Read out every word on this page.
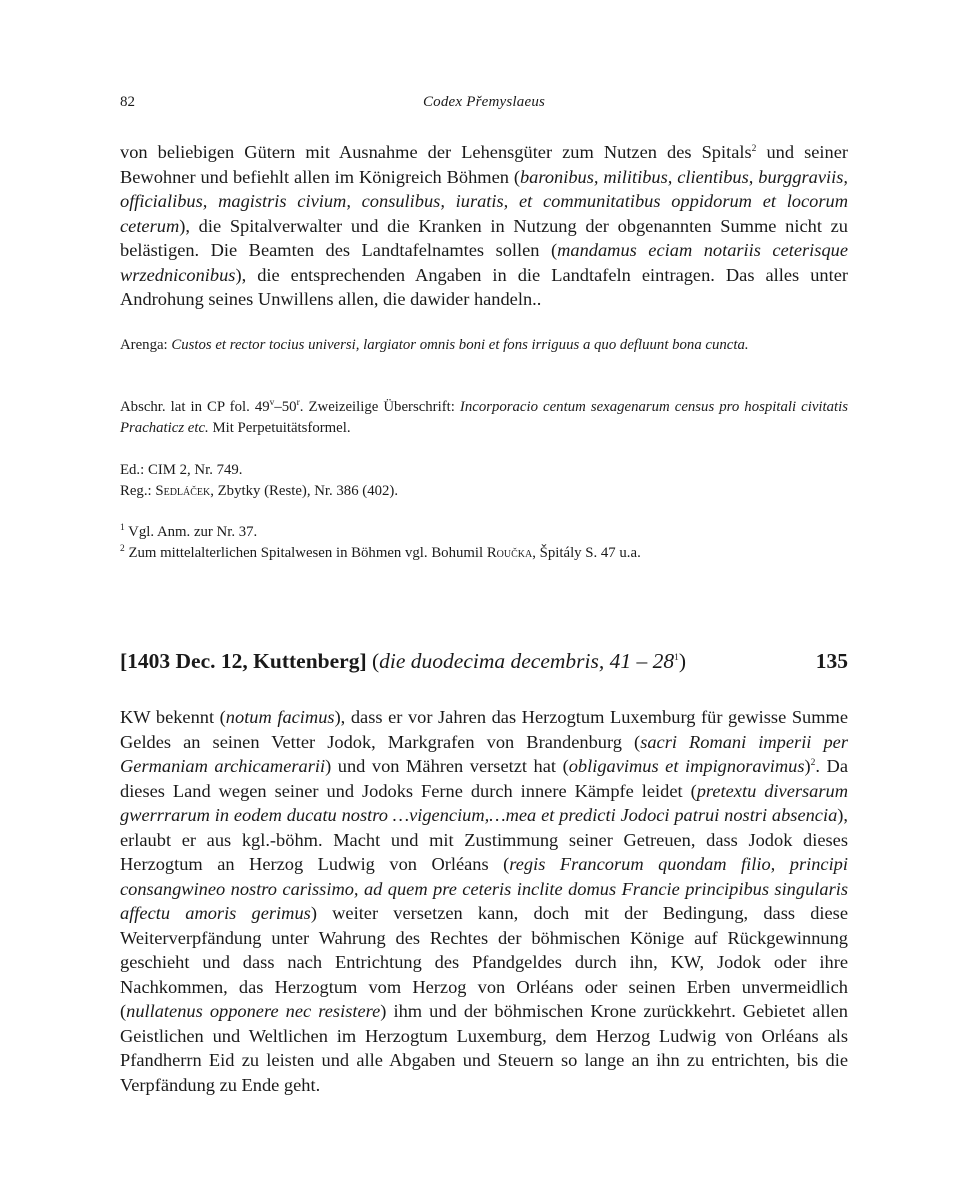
82	Codex Přemyslaeus
von beliebigen Gütern mit Ausnahme der Lehensgüter zum Nutzen des Spitals$^2$ und seiner Bewohner und befiehlt allen im Königreich Böhmen (baronibus, militibus, clientibus, burggraviis, officialibus, magistris civium, consulibus, iuratis, et communitatibus oppidorum et locorum ceterum), die Spitalverwalter und die Kranken in Nutzung der obgenannten Summe nicht zu belästigen. Die Beamten des Landtafelnamtes sollen (mandamus eciam notariis ceterisque wrzedniconibus), die entsprechenden Angaben in die Landtafeln eintragen. Das alles unter Androhung seines Unwillens allen, die dawider handeln..
Arenga: Custos et rector tocius universi, largiator omnis boni et fons irriguus a quo defluunt bona cuncta.
Abschr. lat in CP fol. 49$^v$–50$^r$. Zweizeilige Überschrift: Incorporacio centum sexagenarum census pro hospitali civitatis Prachaticz etc. Mit Perpetuitätsformel.
Ed.: CIM 2, Nr. 749.
Reg.: Sedláček, Zbytky (Reste), Nr. 386 (402).
$^1$ Vgl. Anm. zur Nr. 37.
$^2$ Zum mittelalterlichen Spitalwesen in Böhmen vgl. Bohumil Roučka, Špitály S. 47 u.a.
[1403 Dec. 12, Kuttenberg] (die duodecima decembris, $41 - 28^1$)	135
KW bekennt (notum facimus), dass er vor Jahren das Herzogtum Luxemburg für gewisse Summe Geldes an seinen Vetter Jodok, Markgrafen von Brandenburg (sacri Romani imperii per Germaniam archicamerarii) und von Mähren versetzt hat (obligavimus et impignoravimus)$^2$. Da dieses Land wegen seiner und Jodoks Ferne durch innere Kämpfe leidet (pretextu diversarum gwerrrarum in eodem ducatu nostro …vigencium,…mea et predicti Jodoci patrui nostri absencia), erlaubt er aus kgl.-böhm. Macht und mit Zustimmung seiner Getreuen, dass Jodok dieses Herzogtum an Herzog Ludwig von Orléans (regis Francorum quondam filio, principi consangwineo nostro carissimo, ad quem pre ceteris inclite domus Francie principibus singularis affectu amoris gerimus) weiter versetzen kann, doch mit der Bedingung, dass diese Weiterverpfändung unter Wahrung des Rechtes der böhmischen Könige auf Rückgewinnung geschieht und dass nach Entrichtung des Pfandgeldes durch ihn, KW, Jodok oder ihre Nachkommen, das Herzogtum vom Herzog von Orléans oder seinen Erben unvermeidlich (nullatenus opponere nec resistere) ihm und der böhmischen Krone zurückkehrt. Gebietet allen Geistlichen und Weltlichen im Herzogtum Luxemburg, dem Herzog Ludwig von Orléans als Pfandherrn Eid zu leisten und alle Abgaben und Steuern so lange an ihn zu entrichten, bis die Verpfändung zu Ende geht.
